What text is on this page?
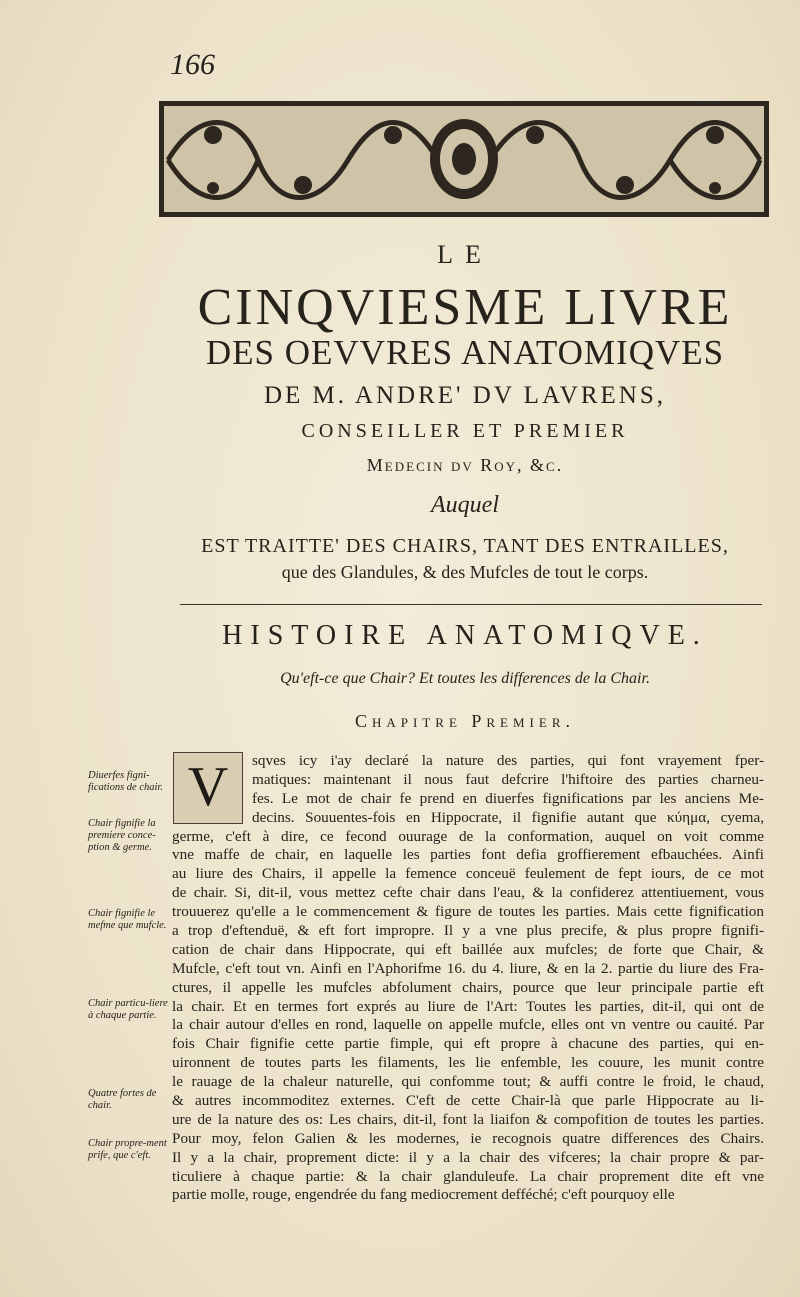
166
LE
CINQVIESME LIVRE
DES OEVVRES ANATOMIQVES
DE M. ANDRE' DV LAVRENS,
CONSEILLER ET PREMIER
Medecin dv Roy, &c.
Auquel
EST TRAITTE' DES CHAIRS, TANT DES ENTRAILLES,
que des Glandules, & des Mufcles de tout le corps.
HISTOIRE ANATOMIQVE.
Qu'eft-ce que Chair? Et toutes les differences de la Chair.
Chapitre Premier.
V	sqves icy i'ay declaré la nature des parties, qui font vrayement fper-
matiques: maintenant il nous faut defcrire l'hiftoire des parties charneu-
fes. Le mot de chair fe prend en diuerfes fignifications par les anciens Me-
decins. Souuentes-fois en Hippocrate, il fignifie autant que κύημα, cyema,
germe, c'eft à dire, ce fecond ouurage de la conformation, auquel on voit comme
vne maffe de chair, en laquelle les parties font defia groffierement efbauchées. Ainfi
au liure des Chairs, il appelle la femence conceuë feulement de fept iours, de ce mot
de chair. Si, dit-il, vous mettez cefte chair dans l'eau, & la confiderez attentiuement, vous
trouuerez qu'elle a le commencement & figure de toutes les parties. Mais cette fignification
a trop d'eftenduë, & eft fort impropre. Il y a vne plus precife, & plus propre fignifi-
cation de chair dans Hippocrate, qui eft baillée aux mufcles; de forte que Chair, &
Mufcle, c'eft tout vn. Ainfi en l'Aphorifme 16. du 4. liure, & en la 2. partie du liure des Fra-
ctures, il appelle les mufcles abfolument chairs, pource que leur principale partie eft
la chair. Et en termes fort exprés au liure de l'Art: Toutes les parties, dit-il, qui ont de
la chair autour d'elles en rond, laquelle on appelle mufcle, elles ont vn ventre ou cauité. Par
fois Chair fignifie cette partie fimple, qui eft propre à chacune des parties, qui en-
uironnent de toutes parts les filaments, les lie enfemble, les couure, les munit contre
le rauage de la chaleur naturelle, qui confomme tout; & auffi contre le froid, le chaud,
& autres incommoditez externes. C'eft de cette Chair-là que parle Hippocrate au li-
ure de la nature des os: Les chairs, dit-il, font la liaifon & compofition de toutes les parties.
Pour moy, felon Galien & les modernes, ie recognois quatre differences des Chairs.
Il y a la chair, proprement dicte: il y a la chair des vifceres; la chair propre & par-
ticuliere à chaque partie: & la chair glanduleufe. La chair proprement dite eft vne
partie molle, rouge, engendrée du fang mediocrement defféché; c'eft pourquoy elle
Diuerfes figni-fications de chair.
Chair fignifie la premiere conce-ption & germe.
Chair fignifie le mefme que mufcle.
Chair particu-liere à chaque partie.
Quatre fortes de chair.
Chair propre-ment prife, que c'eft.
